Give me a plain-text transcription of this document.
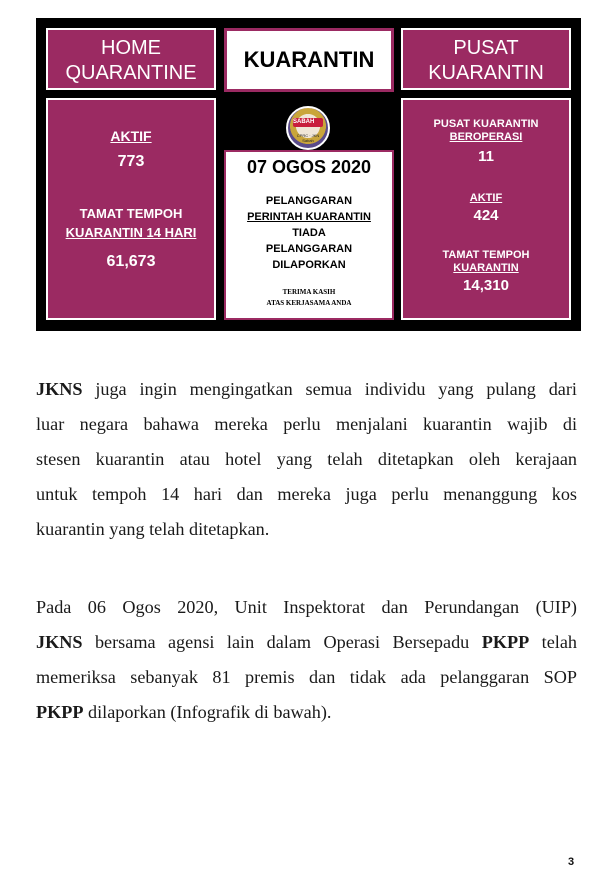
HOME
QUARANTINE
KUARANTIN	PUSAT
KUARANTIN
AKTIF
773
TAMAT TEMPOH
KUARANTIN 14 HARI
61,673
SABAH
CPRC · JKN Sabah
07 OGOS 2020
PELANGGARAN
PERINTAH KUARANTIN
TIADA
PELANGGARAN
DILAPORKAN
TERIMA KASIH
ATAS KERJASAMA ANDA
PUSAT KUARANTIN
BEROPERASI
11
AKTIF
424
TAMAT TEMPOH
KUARANTIN
14,310
JKNS juga ingin mengingatkan semua individu yang pulang dari
luar negara bahawa mereka perlu menjalani kuarantin wajib di
stesen kuarantin atau hotel yang telah ditetapkan oleh kerajaan
untuk tempoh 14 hari dan mereka juga perlu menanggung kos
kuarantin yang telah ditetapkan.
Pada 06 Ogos 2020, Unit Inspektorat dan Perundangan (UIP)
JKNS bersama agensi lain dalam Operasi Bersepadu PKPP telah
memeriksa sebanyak 81 premis dan tidak ada pelanggaran SOP
PKPP dilaporkan (Infografik di bawah).
3
